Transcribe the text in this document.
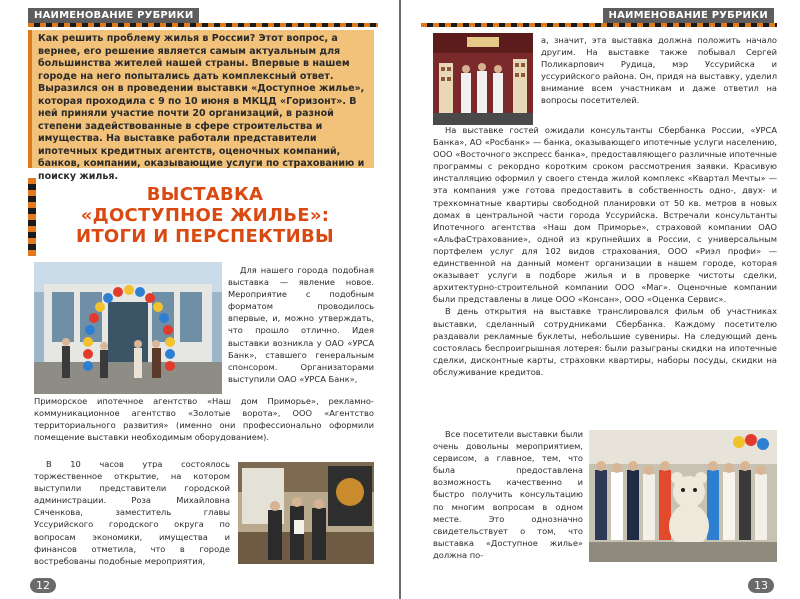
НАИМЕНОВАНИЕ РУБРИКИ
Как решить проблему жилья в России? Этот вопрос, а вернее, его решение является самым актуальным для большинства жителей нашей страны. Впервые в нашем городе на него попытались дать комплексный ответ. Выразился он в проведении выставки «Доступное жилье», которая проходила с 9 по 10 июня в МКЦД «Горизонт». В ней приняли участие почти 20 организаций, в разной степени задействованные в сфере строительства и имущества. На выставке работали представители ипотечных кредитных агентств, оценочных компаний, банков, компании, оказывающие услуги по страхованию и поиску жилья.
ВЫСТАВКА
«ДОСТУПНОЕ ЖИЛЬЕ»:
ИТОГИ И ПЕРСПЕКТИВЫ

Для нашего города подобная выставка — явление новое. Мероприятие с подобным форматом проводилось впервые, и, можно утверждать, что прошло отлично. Идея выставки возникла у ОАО «УРСА Банк», ставшего генеральным спонсором. Организаторами выступили ОАО «УРСА Банк»,

Приморское ипотечное агентство «Наш дом Приморье», рекламно-коммуникационное агентство «Золотые ворота», ООО «Агентство территориального развития» (именно они профессионально оформили помещение выставки необходимым оборудованием).

В 10 часов утра состоялось торжественное открытие, на котором выступили представители городской администрации. Роза Михайловна Сяченкова, заместитель главы Уссурийского городского округа по вопросам экономики, имущества и финансов отметила, что в городе востребованы подобные мероприятия,

12
НАИМЕНОВАНИЕ РУБРИКИ

а, значит, эта выставка должна положить начало другим. На выставке также побывал Сергей Поликарпович Рудица, мэр Уссурийска и уссурийского района. Он, придя на выставку, уделил внимание всем участникам и даже ответил на вопросы посетителей.

На выставке гостей ожидали консультанты Сбербанка России, «УРСА Банка», АО «Росбанк» — банка, оказывающего ипотечные услуги населению, ООО «Восточного экспресс банка», предоставляющего различные ипотечные программы с рекордно коротким сроком рассмотрения заявки. Красивую инсталляцию оформил у своего стенда жилой комплекс «Квартал Мечты» — эта компания уже готова предоставить в собственность одно-, двух- и трехкомнатные квартиры свободной планировки от 50 кв. метров в новых домах в центральной части города Уссурийска. Встречали консультанты Ипотечного агентства «Наш дом Приморье», страховой компании ОАО «АльфаСтрахование», одной из крупнейших в России, с универсальным портфелем услуг для 102 видов страхования, ООО «Риэл профи» — единственной на данный момент организации в нашем городе, которая оказывает услуги в подборе жилья и в проверке чистоты сделки, архитектурно-строительной компании ООО «Маг». Оценочные компании были представлены в лице ООО «Консан», ООО «Оценка Сервис».

В день открытия на выставке транслировался фильм об участниках выставки, сделанный сотрудниками Сбербанка. Каждому посетителю раздавали рекламные буклеты, небольшие сувениры. На следующий день состоялась беспроигрышная лотерея: были разыграны скидки на ипотечные сделки, дисконтные карты, страховки квартиры, наборы посуды, скидки на обслуживание кредитов.

Все посетители выставки были очень довольны мероприятием, сервисом, а главное, тем, что была предоставлена возможность качественно и быстро получить консультацию по многим вопросам в одном месте. Это однозначно свидетельствует о том, что выставка «Доступное жилье» должна по-

13
